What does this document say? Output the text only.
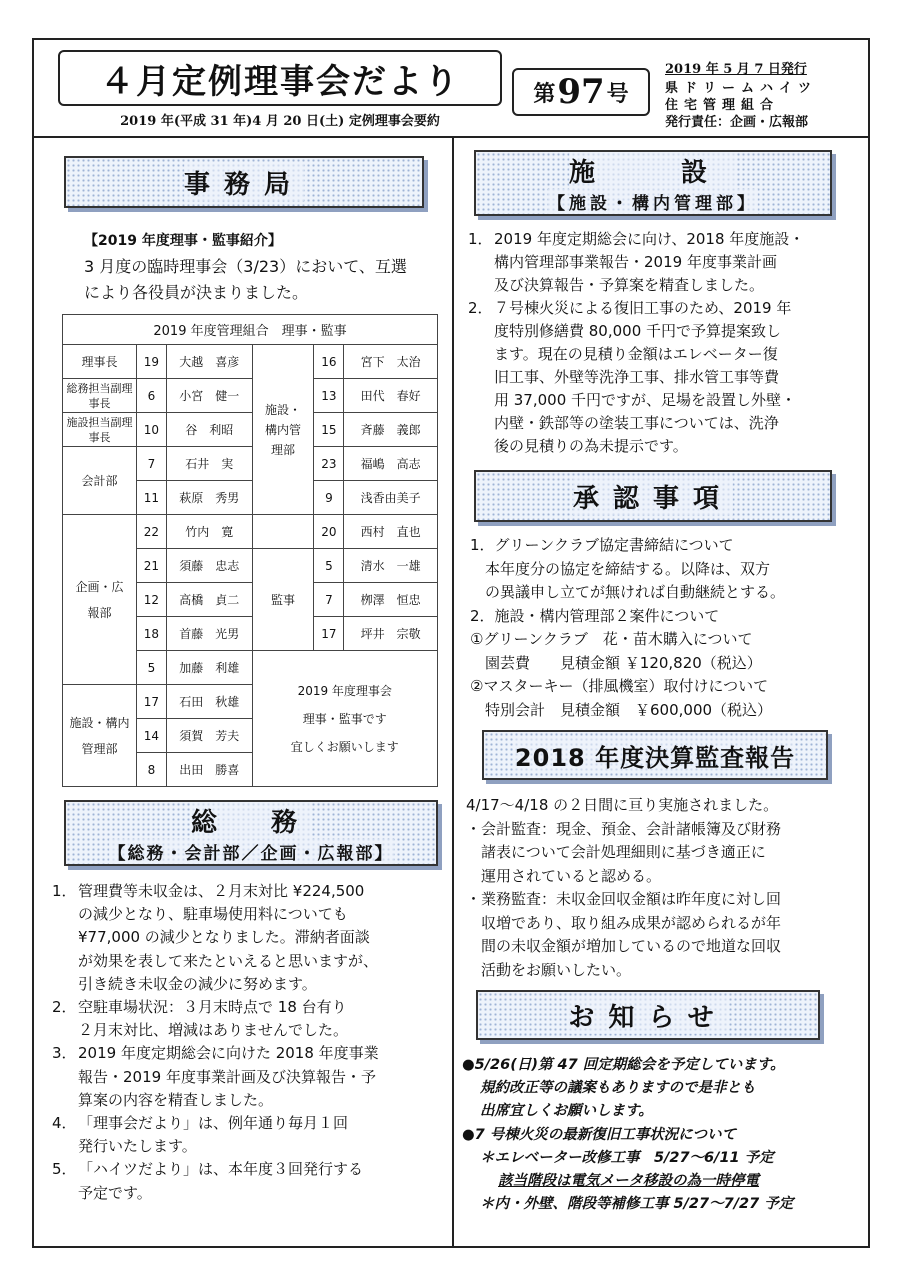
４月定例理事会だより
2019 年(平成 31 年)4 月 20 日(土) 定例理事会要約
第 97 号
2019 年 5 月 7 日発行
県ドリームハイツ
住宅管理組合
発行責任：企画・広報部
事務局
【2019 年度理事・監事紹介】
3 月度の臨時理事会（3/23）において、互選
により各役員が決まりました。
2019 年度管理組合　理事・監事					
理事長	19	大越　喜彦	施設・構内管理部	16	宮下　太治
総務担当副理事長	6	小宮　健一		13	田代　春好
施設担当副理事長	10	谷　利昭		15	斉藤　義郎
会計部	7	石井　実		23	福嶋　高志
	11	萩原　秀男		9	浅香由美子
企画・広報部	22	竹内　寛		20	西村　直也
	21	須藤　忠志	監事	5	清水　一雄
	12	高橋　貞二		7	栁澤　恒忠
	18	首藤　光男		17	坪井　宗敬
	5	加藤　利雄	2019 年度理事会
理事・監事です
宜しくお願いします		

施設・構内管理部	17	石田　秋雄			
	14	須賀　芳夫			
	8	出田　勝喜			
総　務
【総務・会計部／企画・広報部】
1．管理費等未収金は、２月末対比 ¥224,500
の減少となり、駐車場使用料についても
¥77,000 の減少となりました。滞納者面談
が効果を表して来たといえると思いますが、
引き続き未収金の減少に努めます。
2．空駐車場状況：３月末時点で 18 台有り
２月末対比、増減はありませんでした。
3．2019 年度定期総会に向けた 2018 年度事業
報告・2019 年度事業計画及び決算報告・予
算案の内容を精査しました。
4．「理事会だより」は、例年通り毎月１回
発行いたします。
5．「ハイツだより」は、本年度３回発行する
予定です。
施　設
【施設・構内管理部】
1．2019 年度定期総会に向け、2018 年度施設・
構内管理部事業報告・2019 年度事業計画
及び決算報告・予算案を精査しました。
2．７号棟火災による復旧工事のため、2019 年
度特別修繕費 80,000 千円で予算提案致し
ます。現在の見積り金額はエレベーター復
旧工事、外壁等洗浄工事、排水管工事等費
用 37,000 千円ですが、足場を設置し外壁・
内壁・鉄部等の塗装工事については、洗浄
後の見積りの為未提示です。
承認事項
1．グリーンクラブ協定書締結について
　本年度分の協定を締結する。以降は、双方
　の異議申し立てが無ければ自動継続とする。
2．施設・構内管理部２案件について
①グリーンクラブ　花・苗木購入について
　園芸費　　見積金額 ￥120,820（税込）
②マスターキー（排風機室）取付けについて
　特別会計　見積金額　￥600,000（税込）
2018 年度決算監査報告
4/17～4/18 の２日間に亘り実施されました。
・会計監査：現金、預金、会計諸帳簿及び財務
　諸表について会計処理細則に基づき適正に
　運用されていると認める。
・業務監査：未収金回収金額は昨年度に対し回
　収増であり、取り組み成果が認められるが年
　間の未収金額が増加しているので地道な回収
　活動をお願いしたい。
お知らせ
●5/26(日)第 47 回定期総会を予定しています。
規約改正等の議案もありますので是非とも
出席宜しくお願いします。
●7 号棟火災の最新復旧工事状況について
＊エレベーター改修工事　5/27～6/11 予定
該当階段は電気メータ移設の為一時停電
＊内・外壁、階段等補修工事 5/27～7/27 予定
